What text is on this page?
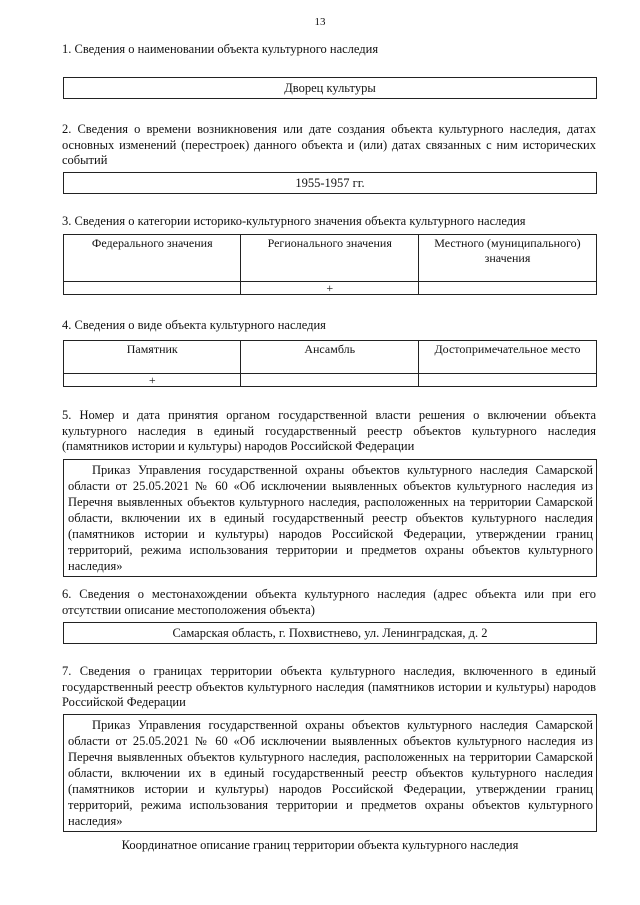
13
1. Сведения о наименовании объекта культурного наследия
Дворец культуры
2. Сведения о времени возникновения или дате создания объекта культурного наследия, датах основных изменений (перестроек) данного объекта и (или) датах связанных с ним исторических событий
1955-1957 гг.
3. Сведения о категории историко-культурного значения объекта культурного наследия
Федерального значения	Регионального значения	Местного (муниципального) значения
	+	
4. Сведения о виде объекта культурного наследия
Памятник	Ансамбль	Достопримечательное место
+		
5. Номер и дата принятия органом государственной власти решения о включении объекта культурного наследия в единый государственный реестр объектов культурного наследия (памятников истории и культуры) народов Российской Федерации
Приказ Управления государственной охраны объектов культурного наследия Самарской области от 25.05.2021 № 60 «Об исключении выявленных объектов культурного наследия из Перечня выявленных объектов культурного наследия, расположенных на территории Самарской области, включении их в единый государственный реестр объектов культурного наследия (памятников истории и культуры) народов Российской Федерации, утверждении границ территорий, режима использования территории и предметов охраны объектов культурного наследия»
6. Сведения о местонахождении объекта культурного наследия (адрес объекта или при его отсутствии описание местоположения объекта)
Самарская область, г. Похвистнево, ул. Ленинградская, д. 2
7. Сведения о границах территории объекта культурного наследия, включенного в единый государственный реестр объектов культурного наследия (памятников истории и культуры) народов Российской Федерации
Приказ Управления государственной охраны объектов культурного наследия Самарской области от 25.05.2021 № 60 «Об исключении выявленных объектов культурного наследия из Перечня выявленных объектов культурного наследия, расположенных на территории Самарской области, включении их в единый государственный реестр объектов культурного наследия (памятников истории и культуры) народов Российской Федерации, утверждении границ территорий, режима использования территории и предметов охраны объектов культурного наследия»
Координатное описание границ территории объекта культурного наследия
